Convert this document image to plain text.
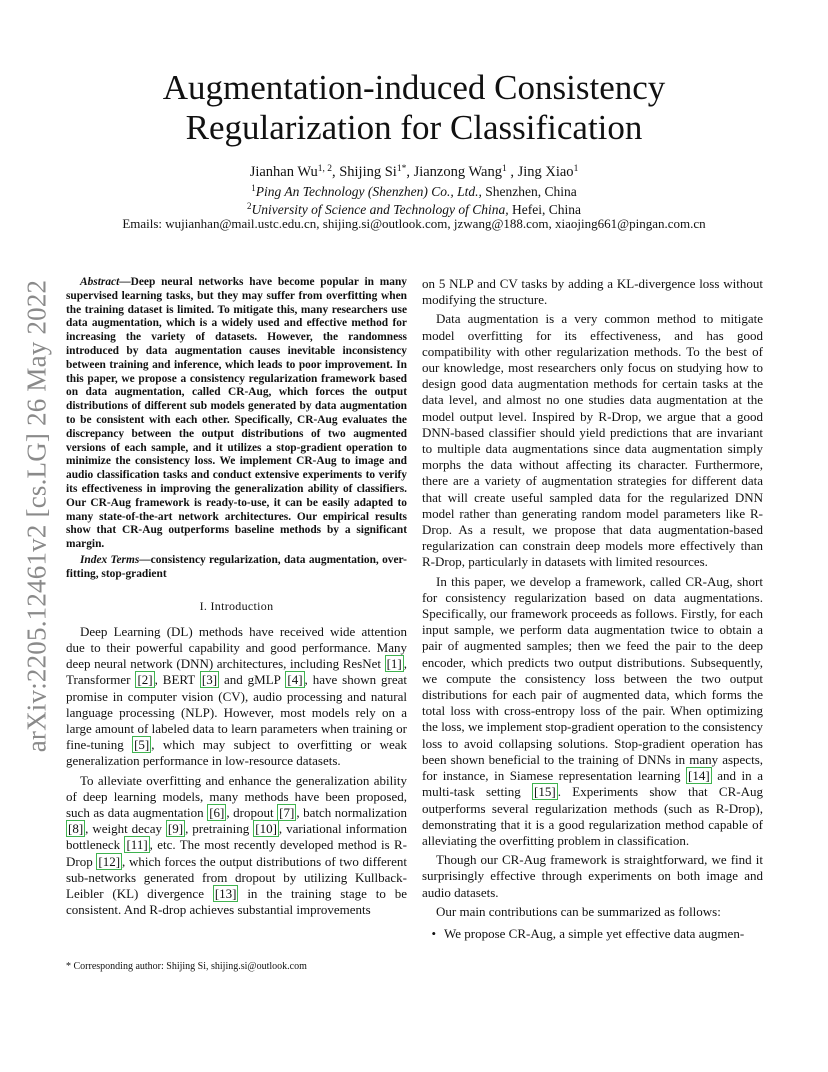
arXiv:2205.12461v2 [cs.LG] 26 May 2022
Augmentation-induced Consistency Regularization for Classification
Jianhan Wu$^{1, 2}$, Shijing $Si^{1*}$, Jianzong Wang$^1$ , Jing Xiao$^1$
$^1$Ping An Technology (Shenzhen) Co., Ltd., Shenzhen, China
$^2$University of Science and Technology of China, Hefei, China
Emails: wujianhan@mail.ustc.edu.cn, shijing.si@outlook.com, jzwang@188.com, xiaojing661@pingan.com.cn

Abstract—Deep neural networks have become popular in many supervised learning tasks, but they may suffer from overfitting when the training dataset is limited. To mitigate this, many researchers use data augmentation, which is a widely used and effective method for increasing the variety of datasets. However, the randomness introduced by data augmentation causes inevitable inconsistency between training and inference, which leads to poor improvement. In this paper, we propose a consistency regularization framework based on data augmentation, called CR-Aug, which forces the output distributions of different sub models generated by data augmentation to be consistent with each other. Specifically, CR-Aug evaluates the discrepancy between the output distributions of two augmented versions of each sample, and it utilizes a stop-gradient operation to minimize the consistency loss. We implement CR-Aug to image and audio classification tasks and conduct extensive experiments to verify its effectiveness in improving the generalization ability of classifiers. Our CR-Aug framework is ready-to-use, it can be easily adapted to many state-of-the-art network architectures. Our empirical results show that CR-Aug outperforms baseline methods by a significant margin.

Index Terms—consistency regularization, data augmentation, over-fitting, stop-gradient

I. Introduction

Deep Learning (DL) methods have received wide attention due to their powerful capability and good performance. Many deep neural network (DNN) architectures, including ResNet [1] , Transformer [2] , BERT [3] and gMLP [4] , have shown great promise in computer vision (CV), audio processing and natural language processing (NLP). However, most models rely on a large amount of labeled data to learn parameters when training or fine-tuning [5] , which may subject to overfitting or weak generalization performance in low-resource datasets.

To alleviate overfitting and enhance the generalization ability of deep learning models, many methods have been proposed, such as data augmentation [6] , dropout [7] , batch normalization [8] , weight decay [9] , pretraining [10] , variational information bottleneck [11] , etc. The most recently developed method is R-Drop [12] , which forces the output distributions of two different sub-networks generated from dropout by utilizing Kullback-Leibler (KL) divergence [13] in the training stage to be consistent. And R-drop achieves substantial improvements

on 5 NLP and CV tasks by adding a KL-divergence loss without modifying the structure.

Data augmentation is a very common method to mitigate model overfitting for its effectiveness, and has good compatibility with other regularization methods. To the best of our knowledge, most researchers only focus on studying how to design good data augmentation methods for certain tasks at the data level, and almost no one studies data augmentation at the model output level. Inspired by R-Drop, we argue that a good DNN-based classifier should yield predictions that are invariant to multiple data augmentations since data augmentation simply morphs the data without affecting its character. Furthermore, there are a variety of augmentation strategies for different data that will create useful sampled data for the regularized DNN model rather than generating random model parameters like R-Drop. As a result, we propose that data augmentation-based regularization can constrain deep models more effectively than R-Drop, particularly in datasets with limited resources.

In this paper, we develop a framework, called CR-Aug, short for consistency regularization based on data augmentations. Specifically, our framework proceeds as follows. Firstly, for each input sample, we perform data augmentation twice to obtain a pair of augmented samples; then we feed the pair to the deep encoder, which predicts two output distributions. Subsequently, we compute the consistency loss between the two output distributions for each pair of augmented data, which forms the total loss with cross-entropy loss of the pair. When optimizing the loss, we implement stop-gradient operation to the consistency loss to avoid collapsing solutions. Stop-gradient operation has been shown beneficial to the training of DNNs in many aspects, for instance, in Siamese representation learning [14] and in a multi-task setting [15] . Experiments show that CR-Aug outperforms several regularization methods (such as R-Drop), demonstrating that it is a good regularization method capable of alleviating the overfitting problem in classification.

Though our CR-Aug framework is straightforward, we find it surprisingly effective through experiments on both image and audio datasets.

Our main contributions can be summarized as follows:

• We propose CR-Aug, a simple yet effective data augmen-
* Corresponding author: Shijing Si, shijing.si@outlook.com
